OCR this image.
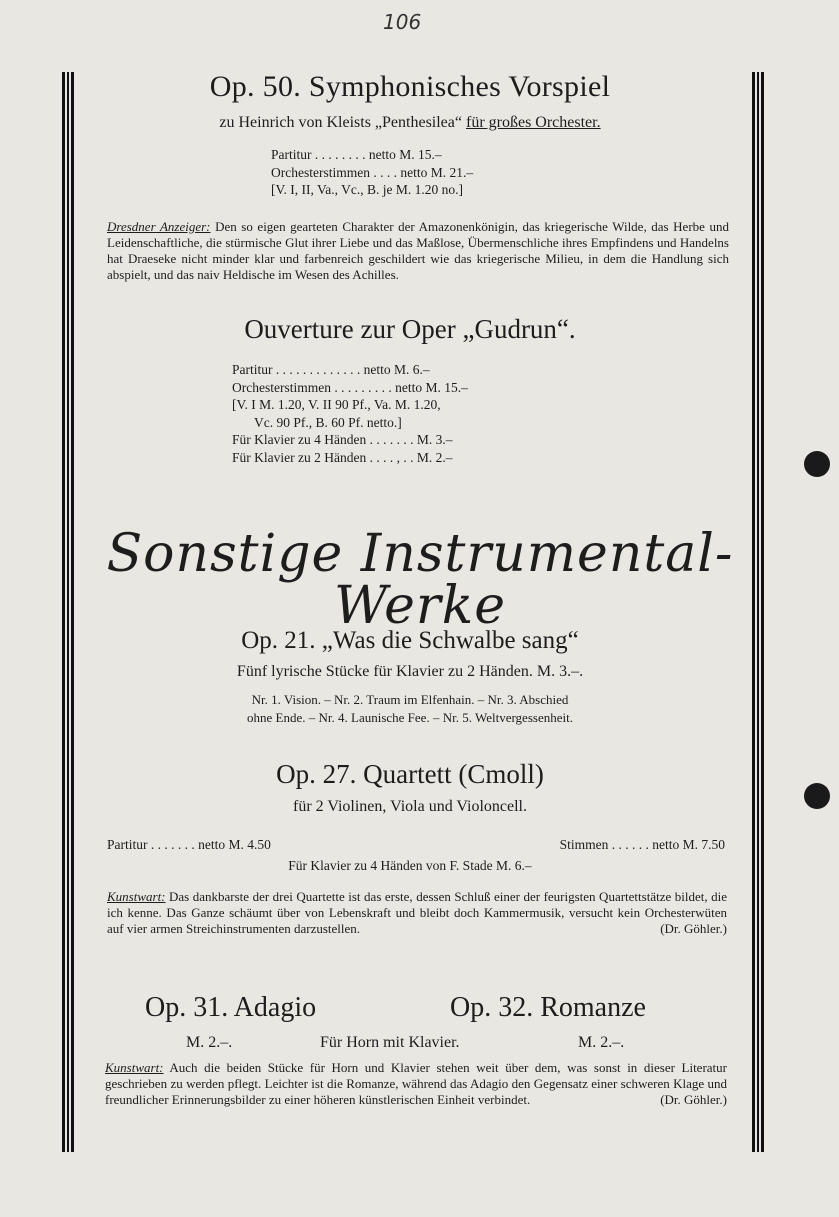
106
Op. 50. Symphonisches Vorspiel
zu Heinrich von Kleists „Penthesilea“ für großes Orchester.
Partitur . . . . . . . . netto M. 15.–
Orchesterstimmen . . . . netto M. 21.–
[V. I, II, Va., Vc., B. je M. 1.20 no.]
Dresdner Anzeiger: Den so eigen gearteten Charakter der Amazonenkönigin, das kriegerische Wilde, das Herbe und Leidenschaftliche, die stürmische Glut ihrer Liebe und das Maßlose, Übermenschliche ihres Empfindens und Handelns hat Draeseke nicht minder klar und farbenreich geschildert wie das kriegerische Milieu, in dem die Handlung sich abspielt, und das naiv Heldische im Wesen des Achilles.
Ouverture zur Oper „Gudrun“.
Partitur . . . . . . . . . . . . . netto M. 6.–
Orchesterstimmen . . . . . . . . . netto M. 15.–
[V. I M. 1.20, V. II 90 Pf., Va. M. 1.20,
Vc. 90 Pf., B. 60 Pf. netto.]
Für Klavier zu 4 Händen . . . . . . . M. 3.–
Für Klavier zu 2 Händen . . . . , . . M. 2.–
Sonstige Instrumental-Werke
Op. 21. „Was die Schwalbe sang“
Fünf lyrische Stücke für Klavier zu 2 Händen. M. 3.–.
Nr. 1. Vision. – Nr. 2. Traum im Elfenhain. – Nr. 3. Abschied
ohne Ende. – Nr. 4. Launische Fee. – Nr. 5. Weltvergessenheit.
Op. 27. Quartett (Cmoll)
für 2 Violinen, Viola und Violoncell.
Partitur . . . . . . . netto M. 4.50	Stimmen . . . . . . netto M. 7.50
Für Klavier zu 4 Händen von F. Stade M. 6.–
Kunstwart: Das dankbarste der drei Quartette ist das erste, dessen Schluß einer der feurigsten Quartettstätze bildet, die ich kenne. Das Ganze schäumt über von Lebenskraft und bleibt doch Kammermusik, versucht kein Orchesterwüten auf vier armen Streichinstrumenten darzustellen.	(Dr. Göhler.)
Op. 31. Adagio	Op. 32. Romanze
M. 2.–.	Für Horn mit Klavier.	M. 2.–.
Kunstwart: Auch die beiden Stücke für Horn und Klavier stehen weit über dem, was sonst in dieser Literatur geschrieben zu werden pflegt. Leichter ist die Romanze, während das Adagio den Gegensatz einer schweren Klage und freundlicher Erinnerungsbilder zu einer höheren künstlerischen Einheit verbindet.	(Dr. Göhler.)
